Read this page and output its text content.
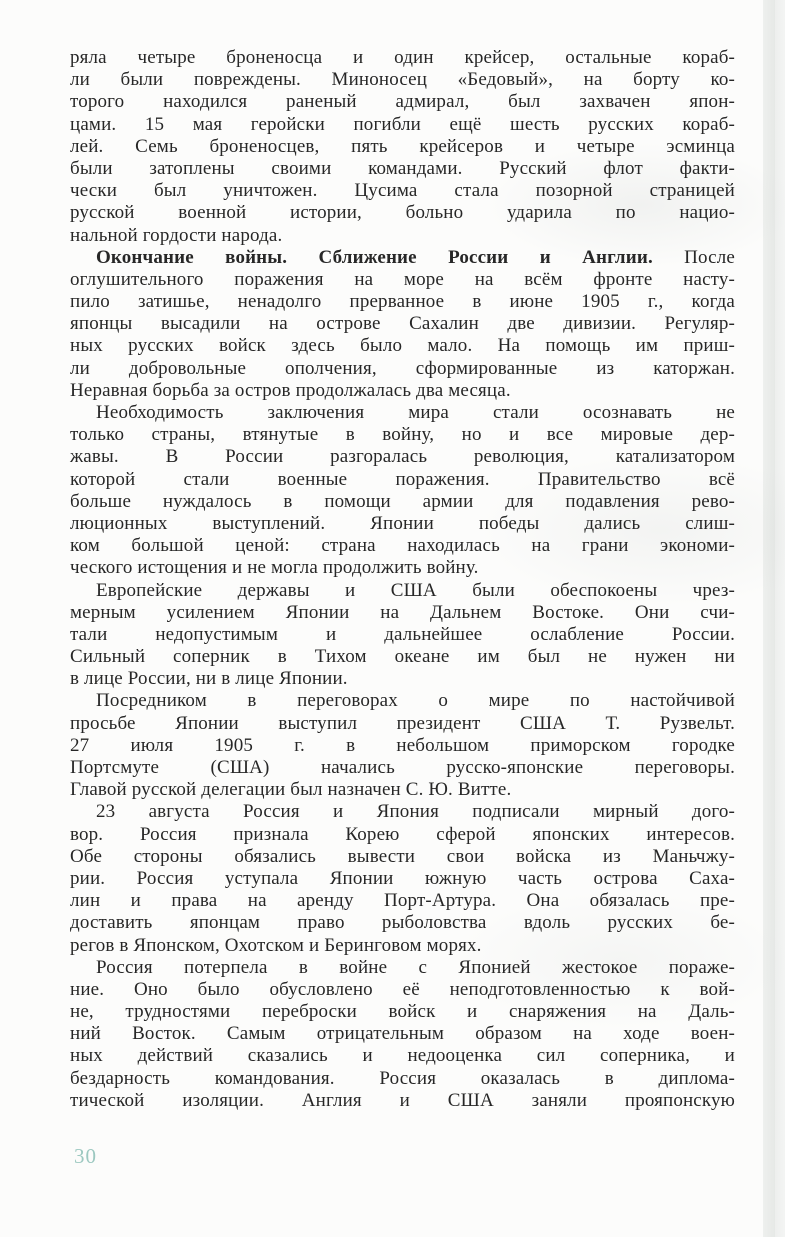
ряла четыре броненосца и один крейсер, остальные кораб-
ли были повреждены. Миноносец «Бедовый», на борту ко-
торого находился раненый адмирал, был захвачен япон-
цами. 15 мая геройски погибли ещё шесть русских кораб-
лей. Семь броненосцев, пять крейсеров и четыре эсминца
были затоплены своими командами. Русский флот факти-
чески был уничтожен. Цусима стала позорной страницей
русской военной истории, больно ударила по нацио-
нальной гордости народа.
Окончание войны. Сближение России и Англии. После
оглушительного поражения на море на всём фронте насту-
пило затишье, ненадолго прерванное в июне 1905 г., когда
японцы высадили на острове Сахалин две дивизии. Регуляр-
ных русских войск здесь было мало. На помощь им приш-
ли добровольные ополчения, сформированные из каторжан.
Неравная борьба за остров продолжалась два месяца.
Необходимость заключения мира стали осознавать не
только страны, втянутые в войну, но и все мировые дер-
жавы. В России разгоралась революция, катализатором
которой стали военные поражения. Правительство всё
больше нуждалось в помощи армии для подавления рево-
люционных выступлений. Японии победы дались слиш-
ком большой ценой: страна находилась на грани экономи-
ческого истощения и не могла продолжить войну.
Европейские державы и США были обеспокоены чрез-
мерным усилением Японии на Дальнем Востоке. Они счи-
тали недопустимым и дальнейшее ослабление России.
Сильный соперник в Тихом океане им был не нужен ни
в лице России, ни в лице Японии.
Посредником в переговорах о мире по настойчивой
просьбе Японии выступил президент США Т. Рузвельт.
27 июля 1905 г. в небольшом приморском городке
Портсмуте (США) начались русско-японские переговоры.
Главой русской делегации был назначен С. Ю. Витте.
23 августа Россия и Япония подписали мирный дого-
вор. Россия признала Корею сферой японских интересов.
Обе стороны обязались вывести свои войска из Маньчжу-
рии. Россия уступала Японии южную часть острова Саха-
лин и права на аренду Порт-Артура. Она обязалась пре-
доставить японцам право рыболовства вдоль русских бе-
регов в Японском, Охотском и Беринговом морях.
Россия потерпела в войне с Японией жестокое пораже-
ние. Оно было обусловлено её неподготовленностью к вой-
не, трудностями переброски войск и снаряжения на Даль-
ний Восток. Самым отрицательным образом на ходе воен-
ных действий сказались и недооценка сил соперника, и
бездарность командования. Россия оказалась в диплома-
тической изоляции. Англия и США заняли прояпонскую
30
